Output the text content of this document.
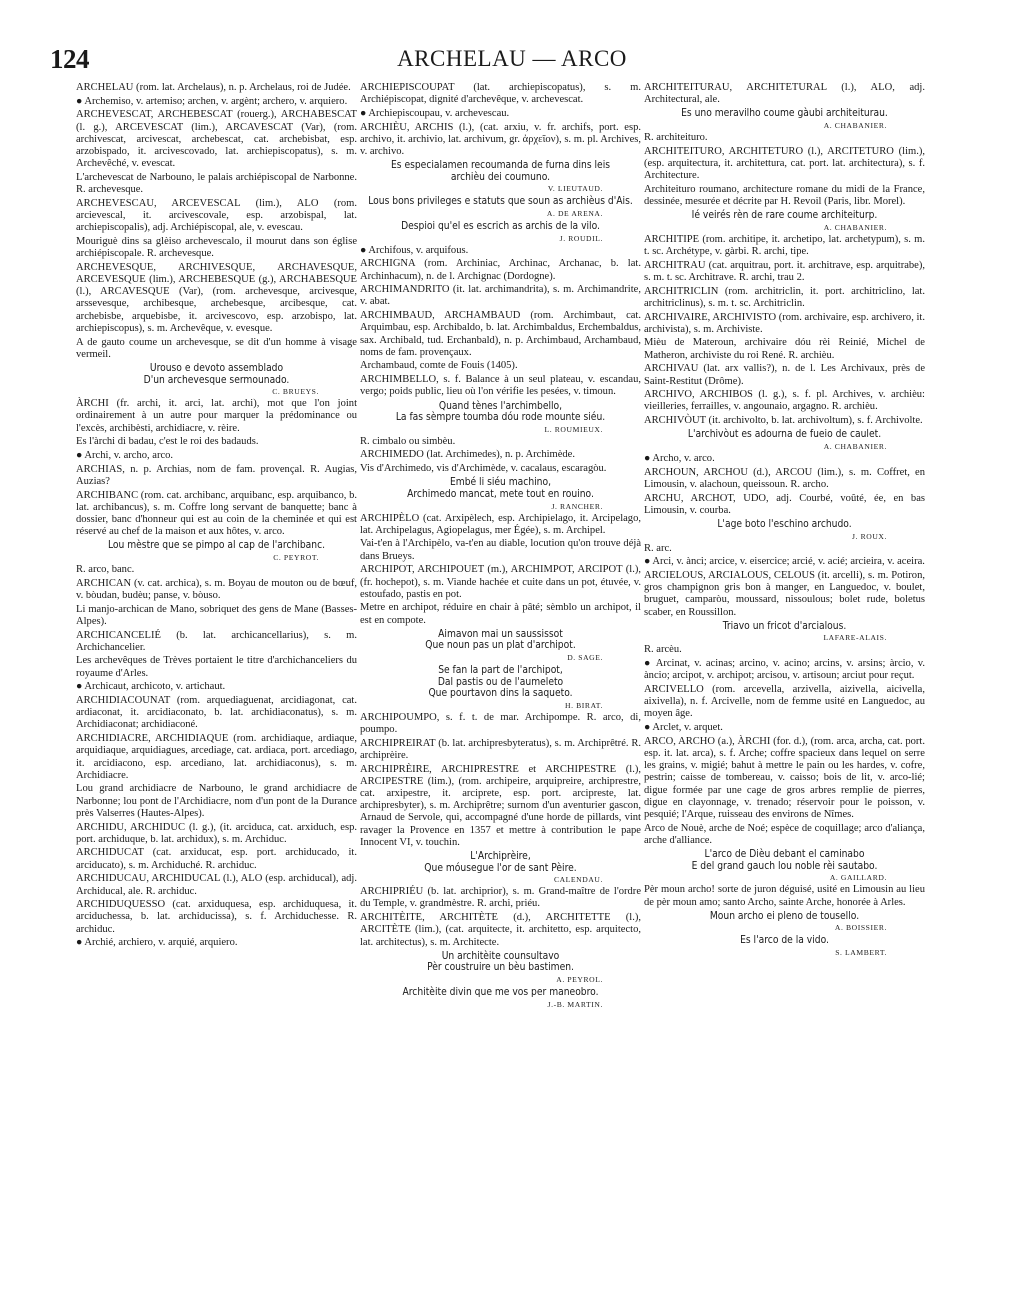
124	ARCHELAU — ARCO
ARCHELAU (rom. lat. Archelaus), n. p. Archelaus, roi de Judée.
● Archemiso, v. artemiso; archen, v. argènt; archero, v. arquiero.
ARCHEVESCAT, ARCHEBESCAT (rouerg.), ARCHABESCAT (l. g.), ARCEVESCAT (lim.), ARCAVESCAT (Var), (rom. archivescat, arcivescat, archebescat, cat. archebisbat, esp. arzobispado, it. arcivescovado, lat. archiepiscopatus), s. m. Archevêché, v. evescat.
L'archevescat de Narbouno, le palais archiépiscopal de Narbonne. R. archevesque.
ARCHEVESCAU, ARCEVESCAL (lim.), ALO (rom. arcievescal, it. arcivescovale, esp. arzobispal, lat. archiepiscopalis), adj. Archiépiscopal, ale, v. evescau.
Mouriguè dins sa glèiso archevescalo, il mourut dans son église archiépiscopale. R. archevesque.
ARCHEVESQUE, ARCHIVESQUE, ARCHAVESQUE, ARCEVESQUE (lim.), ARCHEBESQUE (g.), ARCHABESQUE (l.), ARCAVESQUE (Var), (rom. archevesque, arcivesque, arssevesque, archibesque, archebesque, arcibesque, cat. archebisbe, arquebisbe, it. arcivescovo, esp. arzobispo, lat. archiepiscopus), s. m. Archevêque, v. evesque.
A de gauto coume un archevesque, se dit d'un homme à visage vermeil.
Urouso e devoto assemblado
D'un archevesque sermounado.
C. BRUEYS.
ÀRCHI (fr. archi, it. arci, lat. archi), mot que l'on joint ordinairement à un autre pour marquer la prédominance ou l'excès, archibèsti, archidiacre, v. rèire.
Es l'àrchi di badau, c'est le roi des badauds.
● Archi, v. archo, arco.
ARCHIAS, n. p. Archias, nom de fam. provençal. R. Augias, Auzias?
ARCHIBANC (rom. cat. archibanc, arquibanc, esp. arquibanco, b. lat. archibancus), s. m. Coffre long servant de banquette; banc à dossier, banc d'honneur qui est au coin de la cheminée et qui est réservé au chef de la maison et aux hôtes, v. arco.
Lou mèstre que se pimpo al cap de l'archibanc.
C. PEYROT.
R. arco, banc.
ARCHICAN (v. cat. archica), s. m. Boyau de mouton ou de bœuf, v. bòudan, budèu; panse, v. bòuso.
Li manjo-archican de Mano, sobriquet des gens de Mane (Basses-Alpes).
ARCHICANCELIÉ (b. lat. archicancellarius), s. m. Archichancelier.
Les archevêques de Trèves portaient le titre d'archichanceliers du royaume d'Arles.
● Archicaut, archicoto, v. artichaut.
ARCHIDIACOUNAT (rom. arquediaguenat, arcidiagonat, cat. ardiaconat, it. arcidiaconato, b. lat. archidiaconatus), s. m. Archidiaconat; archidiaconé.
ARCHIDIACRE, ARCHIDIAQUE (rom. archidiaque, ardiaque, arquidiaque, arquidiagues, arcediage, cat. ardiaca, port. arcediago, it. arcidiacono, esp. arcediano, lat. archidiaconus), s. m. Archidiacre.
Lou grand archidiacre de Narbouno, le grand archidiacre de Narbonne; lou pont de l'Archidiacre, nom d'un pont de la Durance près Valserres (Hautes-Alpes).
ARCHIDU, ARCHIDUC (l. g.), (it. arciduca, cat. arxiduch, esp. port. archiduque, b. lat. archidux), s. m. Archiduc.
ARCHIDUCAT (cat. arxiducat, esp. port. archiducado, it. arciducato), s. m. Archiduché. R. archiduc.
ARCHIDUCAU, ARCHIDUCAL (l.), ALO (esp. archiducal), adj. Archiducal, ale. R. archiduc.
ARCHIDUQUESSO (cat. arxiduquesa, esp. archiduquesa, it. arciduchessa, b. lat. archiducissa), s. f. Archiduchesse. R. archiduc.
● Archié, archiero, v. arquié, arquiero.
ARCHIEPISCOUPAT (lat. archiepiscopatus), s. m. Archiépiscopat, dignité d'archevêque, v. archevescat.
● Archiepiscoupau, v. archevescau.
ARCHIÈU, ARCHIS (l.), (cat. arxiu, v. fr. archifs, port. esp. archivo, it. archivio, lat. archivum, gr. ἀρχεῖον), s. m. pl. Archives, v. archivo.
Es especialamen recoumanda de furna dins leis
archièu dei coumuno.
V. LIEUTAUD.
Lous bons privileges e statuts que soun as archièus d'Ais.
A. DE ARENA.
Despioi qu'el es escrich as archis de la vilo.
J. ROUDIL.
● Archifous, v. arquifous.
ARCHIGNA (rom. Archiniac, Archinac, Archanac, b. lat. Archinhacum), n. de l. Archignac (Dordogne).
ARCHIMANDRITO (it. lat. archimandrita), s. m. Archimandrite, v. abat.
ARCHIMBAUD, ARCHAMBAUD (rom. Archimbaut, cat. Arquimbau, esp. Archibaldo, b. lat. Archimbaldus, Erchembaldus, sax. Archibald, tud. Erchanbald), n. p. Archimbaud, Archambaud, noms de fam. provençaux.
Archambaud, comte de Fouis (1405).
ARCHIMBELLO, s. f. Balance à un seul plateau, v. escandau, vergo; poids public, lieu où l'on vérifie les pesées, v. timoun.
Quand tènes l'archimbello,
La fas sèmpre toumba dóu rode mounte siéu.
L. ROUMIEUX.
R. cimbalo ou simbèu.
ARCHIMEDO (lat. Archimedes), n. p. Archimède.
Vis d'Archimedo, vis d'Archimède, v. cacalaus, escaragòu.
Embé li siéu machino,
Archimedo mancat, mete tout en rouino.
J. RANCHER.
ARCHIPÈLO (cat. Arxipèlech, esp. Archipielago, it. Arcipelago, lat. Archipelagus, Agiopelagus, mer Égée), s. m. Archipel.
Vai-t'en à l'Archipèlo, va-t'en au diable, locution qu'on trouve déjà dans Brueys.
ARCHIPOT, ARCHIPOUET (m.), ARCHIMPOT, ARCIPOT (l.), (fr. hochepot), s. m. Viande hachée et cuite dans un pot, étuvée, v. estoufado, pastis en pot.
Metre en archipot, réduire en chair à pâté; sèmblo un archipot, il est en compote.
Aimavon mai un saussissot
Que noun pas un plat d'archipot.
D. SAGE.
Se fan la part de l'archipot,
Dal pastis ou de l'aumeleto
Que pourtavon dins la saqueto.
H. BIRAT.
ARCHIPOUMPO, s. f. t. de mar. Archipompe. R. arco, di, poumpo.
ARCHIPREIRAT (b. lat. archipresbyteratus), s. m. Archiprêtré. R. archiprèire.
ARCHIPRÈIRE, ARCHIPRESTRE et ARCHIPESTRE (l.), ARCIPESTRE (lim.), (rom. archipeire, arquipreire, archiprestre, cat. arxipestre, it. arciprete, esp. port. arcipreste, lat. archipresbyter), s. m. Archiprêtre; surnom d'un aventurier gascon, Arnaud de Servole, qui, accompagné d'une horde de pillards, vint ravager la Provence en 1357 et mettre à contribution le pape Innocent VI, v. touchin.
L'Archiprèire,
Que móusegue l'or de sant Pèire.
CALENDAU.
ARCHIPRIÉU (b. lat. archiprior), s. m. Grand-maître de l'ordre du Temple, v. grandmèstre. R. archi, priéu.
ARCHITÈITE, ARCHITÈTE (d.), ARCHITETTE (l.), ARCITÈTE (lim.), (cat. arquitecte, it. architetto, esp. arquitecto, lat. architectus), s. m. Architecte.
Un architèite counsultavo
Pèr coustruire un bèu bastimen.
A. PEYROL.
Architèite divin que me vos per maneobro.
J.-B. MARTIN.
ARCHITEITURAU, ARCHITETURAL (l.), ALO, adj. Architectural, ale.
Es uno meravilho coume gàubi architeiturau.
A. CHABANIER.
R. architeituro.
ARCHITEITURO, ARCHITETURO (l.), ARCITETURO (lim.), (esp. arquitectura, it. architettura, cat. port. lat. architectura), s. f. Architecture.
Architeituro roumano, architecture romane du midi de la France, dessinée, mesurée et décrite par H. Revoil (Paris, libr. Morel).
Ié veirés rèn de rare coume architeiturp.
A. CHABANIER.
ARCHITIPE (rom. architipe, it. archetipo, lat. archetypum), s. m. t. sc. Archétype, v. gàrbi. R. archi, tipe.
ARCHITRAU (cat. arquitrau, port. it. architrave, esp. arquitrabe), s. m. t. sc. Architrave. R. archi, trau 2.
ARCHITRICLIN (rom. architriclin, it. port. architriclino, lat. architriclinus), s. m. t. sc. Architriclin.
ARCHIVAIRE, ARCHIVISTO (rom. archivaire, esp. archivero, it. archivista), s. m. Archiviste.
Mièu de Materoun, archivaire dóu rèi Reinié, Michel de Matheron, archiviste du roi René. R. archièu.
ARCHIVAU (lat. arx vallis?), n. de l. Les Archivaux, près de Saint-Restitut (Drôme).
ARCHIVO, ARCHIBOS (l. g.), s. f. pl. Archives, v. archièu: vieilleries, ferrailles, v. angounaio, argagno. R. archièu.
ARCHIVÒUT (it. archivolto, b. lat. archivoltum), s. f. Archivolte.
L'archivòut es adourna de fueio de caulet.
A. CHABANIER.
● Archo, v. arco.
ARCHOUN, ARCHOU (d.), ARCOU (lim.), s. m. Coffret, en Limousin, v. alachoun, queissoun. R. archo.
ARCHU, ARCHOT, UDO, adj. Courbé, voûté, ée, en bas Limousin, v. courba.
L'age boto l'eschino archudo.
J. ROUX.
R. arc.
● Arci, v. ànci; arcice, v. eisercice; arcié, v. acié; arcieira, v. aceira.
ARCIELOUS, ARCIALOUS, CELOUS (it. arcelli), s. m. Potiron, gros champignon gris bon à manger, en Languedoc, v. boulet, bruguet, camparòu, moussard, nissoulous; bolet rude, boletus scaber, en Roussillon.
Triavo un fricot d'arcialous.
LAFARE-ALAIS.
R. arcèu.
● Arcinat, v. acinas; arcino, v. acino; arcins, v. arsins; àrcio, v. àncio; arcipot, v. archipot; arcisou, v. artisoun; arciut pour reçut.
ARCIVELLO (rom. arcevella, arzivella, aizivella, aicivella, aixivella), n. f. Arcivelle, nom de femme usité en Languedoc, au moyen âge.
● Arclet, v. arquet.
ARCO, ARCHO (a.), ÀRCHI (for. d.), (rom. arca, archa, cat. port. esp. it. lat. arca), s. f. Arche; coffre spacieux dans lequel on serre les grains, v. migié; bahut à mettre le pain ou les hardes, v. cofre, pestrin; caisse de tombereau, v. caisso; bois de lit, v. arco-lié; digue formée par une cage de gros arbres remplie de pierres, digue en clayonnage, v. trenado; réservoir pour le poisson, v. pesquié; l'Arque, ruisseau des environs de Nîmes.
Arco de Nouè, arche de Noé; espèce de coquillage; arco d'aliança, arche d'alliance.
L'arco de Dièu debant el caminabo
E del grand gauch lou noble rèi sautabo.
A. GAILLARD.
Pèr moun archo! sorte de juron déguisé, usité en Limousin au lieu de pèr moun amo; santo Archo, sainte Arche, honorée à Arles.
Moun archo ei pleno de tousello.
A. BOISSIER.
Es l'arco de la vido.
S. LAMBERT.
